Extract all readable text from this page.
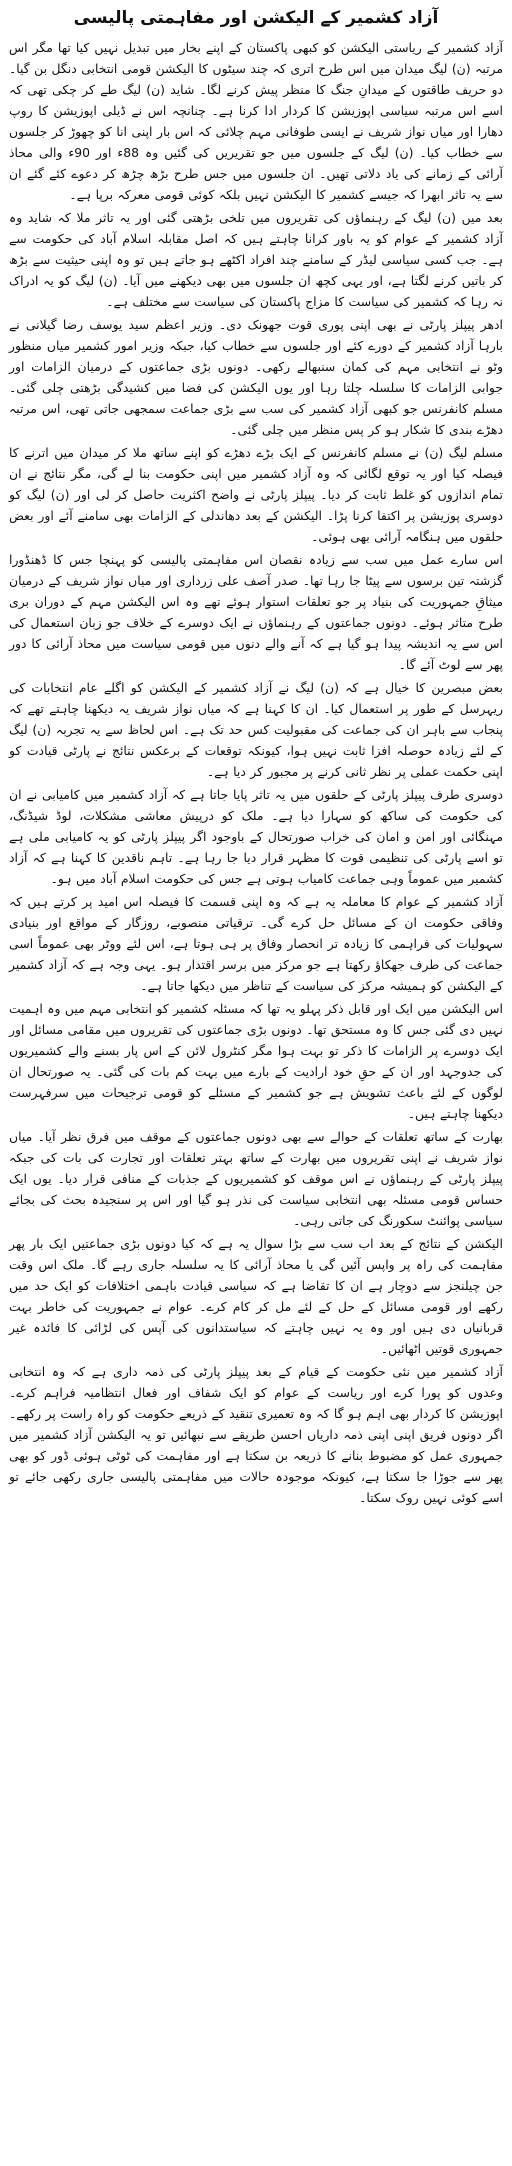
آزاد کشمیر کے الیکشن اور مفاہمتی پالیسی

آزاد کشمیر کے ریاستی الیکشن کو کبھی پاکستان کے اپنے بخار میں تبدیل نہیں کیا تھا مگر اس مرتبہ (ن) لیگ میدان میں اس طرح اتری کہ چند سیٹوں کا الیکشن قومی انتخابی دنگل بن گیا۔ دو حریف طاقتوں کے میدانِ جنگ کا منظر پیش کرنے لگا۔ شاید (ن) لیگ طے کر چکی تھی کہ اسے اس مرتبہ سیاسی اپوزیشن کا کردار ادا کرنا ہے۔ چنانچہ اس نے ڈیلی اپوزیشن کا روپ دھارا اور میاں نواز شریف نے ایسی طوفانی مہم چلائی کہ اس بار اپنی انا کو چھوڑ کر جلسوں سے خطاب کیا۔ (ن) لیگ کے جلسوں میں جو تقریریں کی گئیں وہ 88ء اور 90ء والی محاذ آرائی کے زمانے کی یاد دلاتی تھیں۔ ان جلسوں میں جس طرح بڑھ چڑھ کر دعوے کئے گئے ان سے یہ تاثر ابھرا کہ جیسے کشمیر کا الیکشن نہیں بلکہ کوئی قومی معرکہ برپا ہے۔

بعد میں (ن) لیگ کے رہنماؤں کی تقریروں میں تلخی بڑھتی گئی اور یہ تاثر ملا کہ شاید وہ آزاد کشمیر کے عوام کو یہ باور کرانا چاہتے ہیں کہ اصل مقابلہ اسلام آباد کی حکومت سے ہے۔ جب کسی سیاسی لیڈر کے سامنے چند افراد اکٹھے ہو جاتے ہیں تو وہ اپنی حیثیت سے بڑھ کر باتیں کرنے لگتا ہے، اور یہی کچھ ان جلسوں میں بھی دیکھنے میں آیا۔ (ن) لیگ کو یہ ادراک نہ رہا کہ کشمیر کی سیاست کا مزاج پاکستان کی سیاست سے مختلف ہے۔

ادھر پیپلز پارٹی نے بھی اپنی پوری قوت جھونک دی۔ وزیر اعظم سید یوسف رضا گیلانی نے بارہا آزاد کشمیر کے دورے کئے اور جلسوں سے خطاب کیا، جبکہ وزیر امور کشمیر میاں منظور وٹو نے انتخابی مہم کی کمان سنبھالے رکھی۔ دونوں بڑی جماعتوں کے درمیان الزامات اور جوابی الزامات کا سلسلہ چلتا رہا اور یوں الیکشن کی فضا میں کشیدگی بڑھتی چلی گئی۔ مسلم کانفرنس جو کبھی آزاد کشمیر کی سب سے بڑی جماعت سمجھی جاتی تھی، اس مرتبہ دھڑے بندی کا شکار ہو کر پس منظر میں چلی گئی۔

مسلم لیگ (ن) نے مسلم کانفرنس کے ایک بڑے دھڑے کو اپنے ساتھ ملا کر میدان میں اترنے کا فیصلہ کیا اور یہ توقع لگائی کہ وہ آزاد کشمیر میں اپنی حکومت بنا لے گی، مگر نتائج نے ان تمام اندازوں کو غلط ثابت کر دیا۔ پیپلز پارٹی نے واضح اکثریت حاصل کر لی اور (ن) لیگ کو دوسری پوزیشن پر اکتفا کرنا پڑا۔ الیکشن کے بعد دھاندلی کے الزامات بھی سامنے آئے اور بعض حلقوں میں ہنگامہ آرائی بھی ہوئی۔

اس سارے عمل میں سب سے زیادہ نقصان اس مفاہمتی پالیسی کو پہنچا جس کا ڈھنڈورا گزشتہ تین برسوں سے پیٹا جا رہا تھا۔ صدر آصف علی زرداری اور میاں نواز شریف کے درمیان میثاقِ جمہوریت کی بنیاد پر جو تعلقات استوار ہوئے تھے وہ اس الیکشن مہم کے دوران بری طرح متاثر ہوئے۔ دونوں جماعتوں کے رہنماؤں نے ایک دوسرے کے خلاف جو زبان استعمال کی اس سے یہ اندیشہ پیدا ہو گیا ہے کہ آنے والے دنوں میں قومی سیاست میں محاذ آرائی کا دور پھر سے لوٹ آئے گا۔

بعض مبصرین کا خیال ہے کہ (ن) لیگ نے آزاد کشمیر کے الیکشن کو اگلے عام انتخابات کی ریہرسل کے طور پر استعمال کیا۔ ان کا کہنا ہے کہ میاں نواز شریف یہ دیکھنا چاہتے تھے کہ پنجاب سے باہر ان کی جماعت کی مقبولیت کس حد تک ہے۔ اس لحاظ سے یہ تجربہ (ن) لیگ کے لئے زیادہ حوصلہ افزا ثابت نہیں ہوا، کیونکہ توقعات کے برعکس نتائج نے پارٹی قیادت کو اپنی حکمت عملی پر نظر ثانی کرنے پر مجبور کر دیا ہے۔

دوسری طرف پیپلز پارٹی کے حلقوں میں یہ تاثر پایا جاتا ہے کہ آزاد کشمیر میں کامیابی نے ان کی حکومت کی ساکھ کو سہارا دیا ہے۔ ملک کو درپیش معاشی مشکلات، لوڈ شیڈنگ، مہنگائی اور امن و امان کی خراب صورتحال کے باوجود اگر پیپلز پارٹی کو یہ کامیابی ملی ہے تو اسے پارٹی کی تنظیمی قوت کا مظہر قرار دیا جا رہا ہے۔ تاہم ناقدین کا کہنا ہے کہ آزاد کشمیر میں عموماً وہی جماعت کامیاب ہوتی ہے جس کی حکومت اسلام آباد میں ہو۔

آزاد کشمیر کے عوام کا معاملہ یہ ہے کہ وہ اپنی قسمت کا فیصلہ اس امید پر کرتے ہیں کہ وفاقی حکومت ان کے مسائل حل کرے گی۔ ترقیاتی منصوبے، روزگار کے مواقع اور بنیادی سہولیات کی فراہمی کا زیادہ تر انحصار وفاق پر ہی ہوتا ہے، اس لئے ووٹر بھی عموماً اسی جماعت کی طرف جھکاؤ رکھتا ہے جو مرکز میں برسر اقتدار ہو۔ یہی وجہ ہے کہ آزاد کشمیر کے الیکشن کو ہمیشہ مرکز کی سیاست کے تناظر میں دیکھا جاتا ہے۔

اس الیکشن میں ایک اور قابل ذکر پہلو یہ تھا کہ مسئلہ کشمیر کو انتخابی مہم میں وہ اہمیت نہیں دی گئی جس کا وہ مستحق تھا۔ دونوں بڑی جماعتوں کی تقریروں میں مقامی مسائل اور ایک دوسرے پر الزامات کا ذکر تو بہت ہوا مگر کنٹرول لائن کے اس پار بسنے والے کشمیریوں کی جدوجہد اور ان کے حقِ خود ارادیت کے بارے میں بہت کم بات کی گئی۔ یہ صورتحال ان لوگوں کے لئے باعث تشویش ہے جو کشمیر کے مسئلے کو قومی ترجیحات میں سرفہرست دیکھنا چاہتے ہیں۔

بھارت کے ساتھ تعلقات کے حوالے سے بھی دونوں جماعتوں کے موقف میں فرق نظر آیا۔ میاں نواز شریف نے اپنی تقریروں میں بھارت کے ساتھ بہتر تعلقات اور تجارت کی بات کی جبکہ پیپلز پارٹی کے رہنماؤں نے اس موقف کو کشمیریوں کے جذبات کے منافی قرار دیا۔ یوں ایک حساس قومی مسئلہ بھی انتخابی سیاست کی نذر ہو گیا اور اس پر سنجیدہ بحث کی بجائے سیاسی پوائنٹ سکورنگ کی جاتی رہی۔

الیکشن کے نتائج کے بعد اب سب سے بڑا سوال یہ ہے کہ کیا دونوں بڑی جماعتیں ایک بار پھر مفاہمت کی راہ پر واپس آئیں گی یا محاذ آرائی کا یہ سلسلہ جاری رہے گا۔ ملک اس وقت جن چیلنجز سے دوچار ہے ان کا تقاضا ہے کہ سیاسی قیادت باہمی اختلافات کو ایک حد میں رکھے اور قومی مسائل کے حل کے لئے مل کر کام کرے۔ عوام نے جمہوریت کی خاطر بہت قربانیاں دی ہیں اور وہ یہ نہیں چاہتے کہ سیاستدانوں کی آپس کی لڑائی کا فائدہ غیر جمہوری قوتیں اٹھائیں۔

آزاد کشمیر میں نئی حکومت کے قیام کے بعد پیپلز پارٹی کی ذمہ داری ہے کہ وہ انتخابی وعدوں کو پورا کرے اور ریاست کے عوام کو ایک شفاف اور فعال انتظامیہ فراہم کرے۔ اپوزیشن کا کردار بھی اہم ہو گا کہ وہ تعمیری تنقید کے ذریعے حکومت کو راہ راست پر رکھے۔ اگر دونوں فریق اپنی اپنی ذمہ داریاں احسن طریقے سے نبھائیں تو یہ الیکشن آزاد کشمیر میں جمہوری عمل کو مضبوط بنانے کا ذریعہ بن سکتا ہے اور مفاہمت کی ٹوٹی ہوئی ڈور کو بھی پھر سے جوڑا جا سکتا ہے، کیونکہ موجودہ حالات میں مفاہمتی پالیسی جاری رکھی جائے تو اسے کوئی نہیں روک سکتا۔
